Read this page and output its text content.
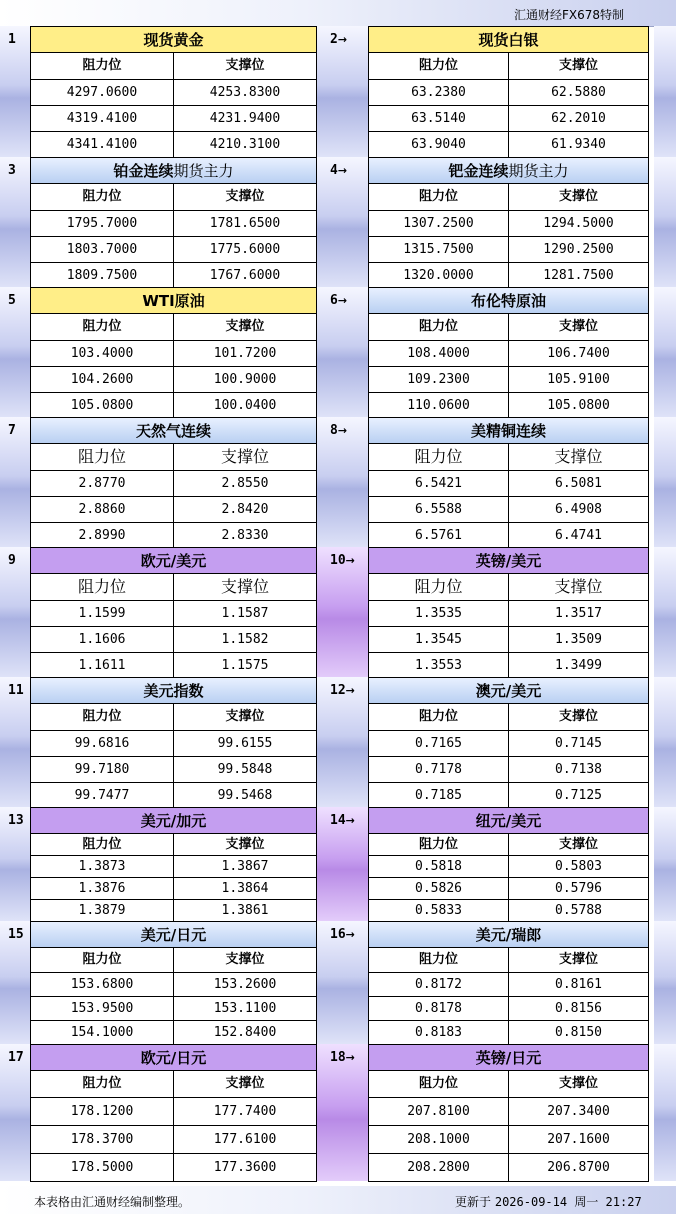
汇通财经FX678特制
1	现货黄金
阻力位	支撑位
4297.0600	4253.8300
4319.4100	4231.9400
4341.4100	4210.3100
2→	现货白银
阻力位	支撑位
63.2380	62.5880
63.5140	62.2010
63.9040	61.9340
3	铂金连续期货主力
阻力位	支撑位
1795.7000	1781.6500
1803.7000	1775.6000
1809.7500	1767.6000
4→	钯金连续期货主力
阻力位	支撑位
1307.2500	1294.5000
1315.7500	1290.2500
1320.0000	1281.7500
5	WTI原油
阻力位	支撑位
103.4000	101.7200
104.2600	100.9000
105.0800	100.0400
6→	布伦特原油
阻力位	支撑位
108.4000	106.7400
109.2300	105.9100
110.0600	105.0800
7	天然气连续
阻力位	支撑位
2.8770	2.8550
2.8860	2.8420
2.8990	2.8330
8→	美精铜连续
阻力位	支撑位
6.5421	6.5081
6.5588	6.4908
6.5761	6.4741
9	欧元/美元
阻力位	支撑位
1.1599	1.1587
1.1606	1.1582
1.1611	1.1575
10→	英镑/美元
阻力位	支撑位
1.3535	1.3517
1.3545	1.3509
1.3553	1.3499
11	美元指数
阻力位	支撑位
99.6816	99.6155
99.7180	99.5848
99.7477	99.5468
12→	澳元/美元
阻力位	支撑位
0.7165	0.7145
0.7178	0.7138
0.7185	0.7125
13	美元/加元
阻力位	支撑位
1.3873	1.3867
1.3876	1.3864
1.3879	1.3861
14→	纽元/美元
阻力位	支撑位
0.5818	0.5803
0.5826	0.5796
0.5833	0.5788
15	美元/日元
阻力位	支撑位
153.6800	153.2600
153.9500	153.1100
154.1000	152.8400
16→	美元/瑞郎
阻力位	支撑位
0.8172	0.8161
0.8178	0.8156
0.8183	0.8150
17	欧元/日元
阻力位	支撑位
178.1200	177.7400
178.3700	177.6100
178.5000	177.3600
18→	英镑/日元
阻力位	支撑位
207.8100	207.3400
208.1000	207.1600
208.2800	206.8700
本表格由汇通财经编制整理。	更新于 2026-09-14 周一 21:27
